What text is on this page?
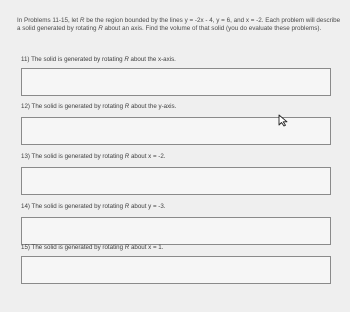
In Problems 11-15, let R be the region bounded by the lines y = -2x - 4, y = 6, and x = -2. Each problem will describe a solid generated by rotating R about an axis. Find the volume of that solid (you do evaluate these problems).

11) The solid is generated by rotating R about the x-axis.
12) The solid is generated by rotating R about the y-axis.
13) The solid is generated by rotating R about x = -2.
14) The solid is generated by rotating R about y = -3.
15) The solid is generated by rotating R about x = 1.
